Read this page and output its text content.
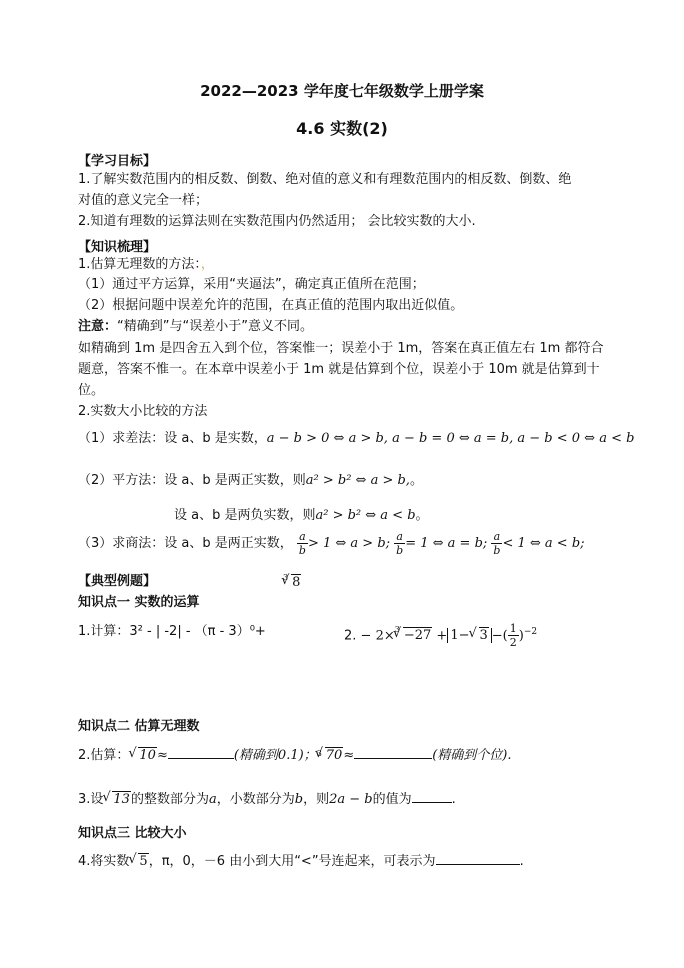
2022—2023 学年度七年级数学上册学案
4.6 实数(2)
【学习目标】
1.了解实数范围内的相反数、倒数、绝对值的意义和有理数范围内的相反数、倒数、绝
对值的意义完全一样；
2.知道有理数的运算法则在实数范围内仍然适用； 会比较实数的大小.
【知识梳理】
1.估算无理数的方法：，
（1）通过平方运算，采用“夹逼法”，确定真正值所在范围；
（2）根据问题中误差允许的范围，在真正值的范围内取出近似值。
注意：“精确到”与“误差小于”意义不同。
如精确到 1m 是四舍五入到个位，答案惟一；误差小于 1m，答案在真正值左右 1m 都符合
题意，答案不惟一。在本章中误差小于 1m 就是估算到个位，误差小于 10m 就是估算到十
位。
2.实数大小比较的方法
（1）求差法：设 a、b 是实数，a − b > 0 ⇔ a > b, a − b = 0 ⇔ a = b, a − b < 0 ⇔ a < b
（2）平方法：设 a、b 是两正实数，则a² > b² ⇔ a > b,。
设 a、b 是两负实数，则a² > b² ⇔ a < b。
（3）求商法：设 a、b 是两正实数， $\frac{a}{b} > 1$ ⇔ a > b; $\frac{a}{b} = 1$ ⇔ a = b; $\frac{a}{b} < 1$ ⇔ a < b;
【典型例题】	$^3$ √ 8
知识点一 实数的运算
1.计算：3² - | -2| - （π - 3）⁰+	2. − 2×$^3$ √ −27 + 1− √ 3 −( $\frac{1}{2} )^{-2}$
知识点二 估算无理数
2.估算： √ 10≈	(精确到0.1)；$^3$ √ 70≈	(精确到个位).
3.设 √ 13的整数部分为a，小数部分为b，则2a − b的值为	.
知识点三 比较大小
4.将实数 √ 5，π，0，－6 由小到大用“<”号连起来，可表示为	.
